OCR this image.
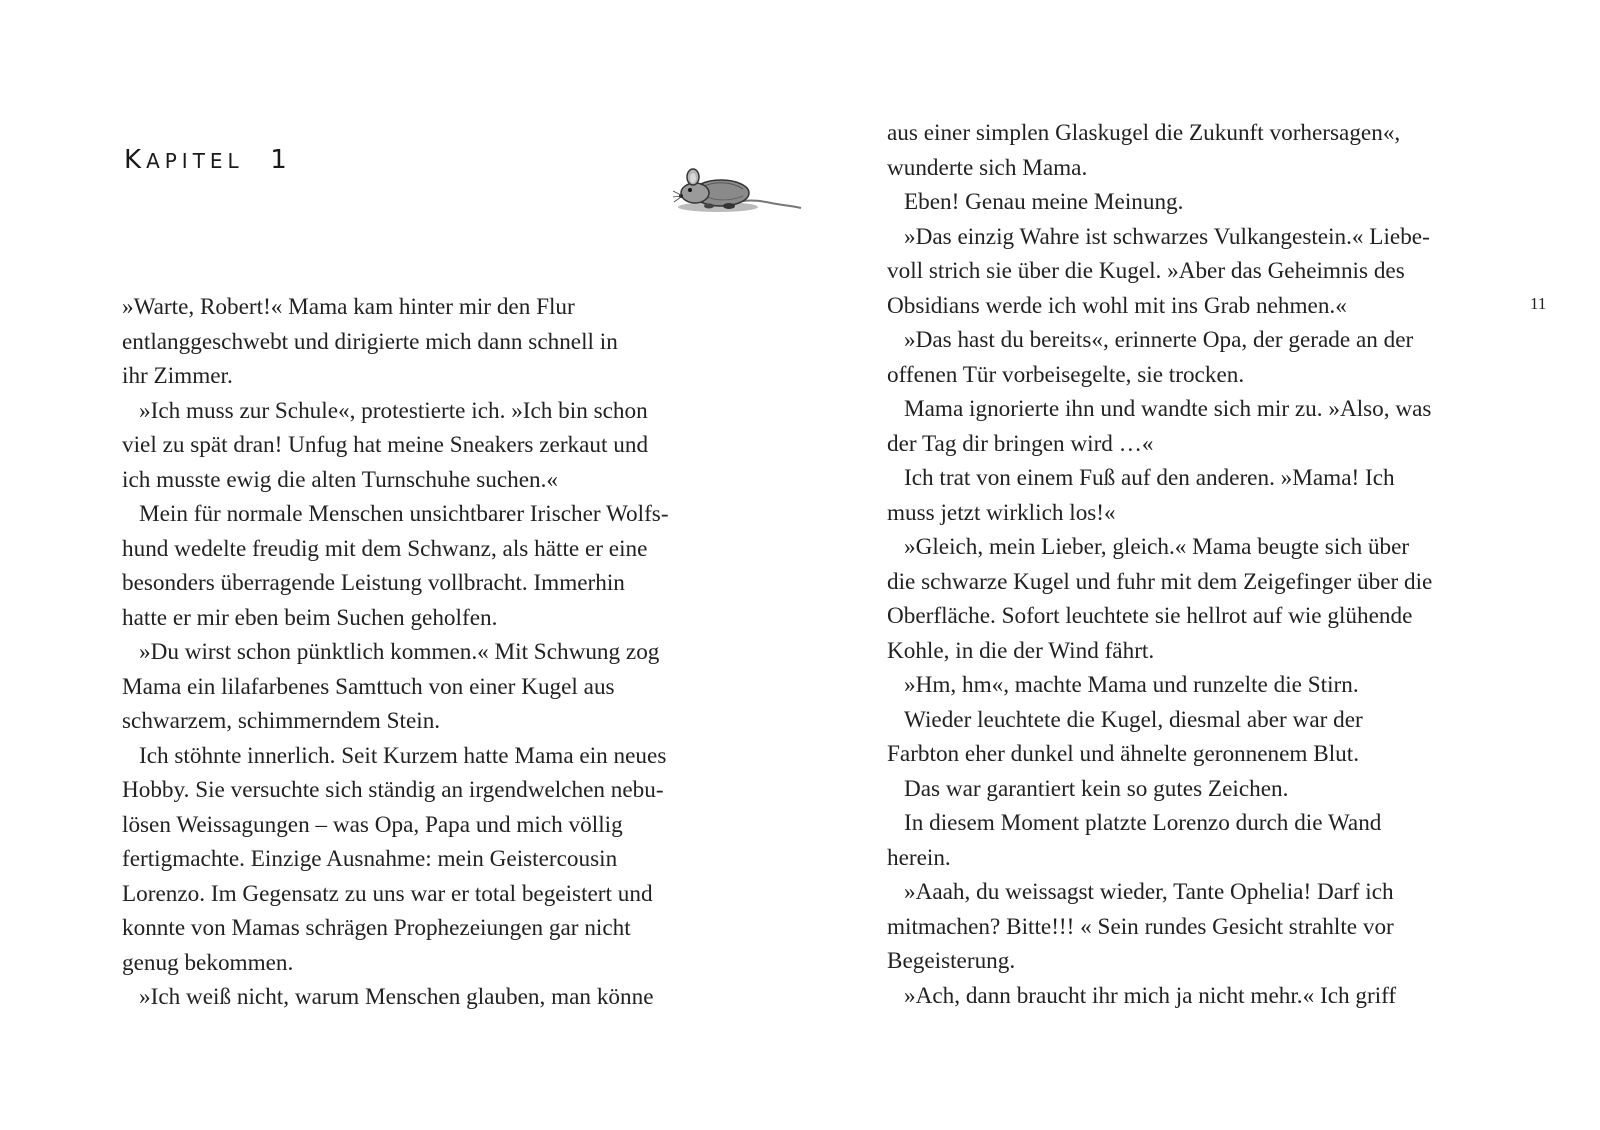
KAPITEL 1
»Warte, Robert!« Mama kam hinter mir den Flur
entlanggeschwebt und dirigierte mich dann schnell in
ihr Zimmer.
»Ich muss zur Schule«, protestierte ich. »Ich bin schon
viel zu spät dran! Unfug hat meine Sneakers zerkaut und
ich musste ewig die alten Turnschuhe suchen.«
Mein für normale Menschen unsichtbarer Irischer Wolfs-
hund wedelte freudig mit dem Schwanz, als hätte er eine
besonders überragende Leistung vollbracht. Immerhin
hatte er mir eben beim Suchen geholfen.
»Du wirst schon pünktlich kommen.« Mit Schwung zog
Mama ein lilafarbenes Samttuch von einer Kugel aus
schwarzem, schimmerndem Stein.
Ich stöhnte innerlich. Seit Kurzem hatte Mama ein neues
Hobby. Sie versuchte sich ständig an irgendwelchen nebu-
lösen Weissagungen – was Opa, Papa und mich völlig
fertigmachte. Einzige Ausnahme: mein Geistercousin
Lorenzo. Im Gegensatz zu uns war er total begeistert und
konnte von Mamas schrägen Prophezeiungen gar nicht
genug bekommen.
»Ich weiß nicht, warum Menschen glauben, man könne
aus einer simplen Glaskugel die Zukunft vorhersagen«,
wunderte sich Mama.
Eben! Genau meine Meinung.
»Das einzig Wahre ist schwarzes Vulkangestein.« Liebe-
voll strich sie über die Kugel. »Aber das Geheimnis des
Obsidians werde ich wohl mit ins Grab nehmen.«
»Das hast du bereits«, erinnerte Opa, der gerade an der
offenen Tür vorbeisegelte, sie trocken.
Mama ignorierte ihn und wandte sich mir zu. »Also, was
der Tag dir bringen wird …«
Ich trat von einem Fuß auf den anderen. »Mama! Ich
muss jetzt wirklich los!«
»Gleich, mein Lieber, gleich.« Mama beugte sich über
die schwarze Kugel und fuhr mit dem Zeigefinger über die
Oberfläche. Sofort leuchtete sie hellrot auf wie glühende
Kohle, in die der Wind fährt.
»Hm, hm«, machte Mama und runzelte die Stirn.
Wieder leuchtete die Kugel, diesmal aber war der
Farbton eher dunkel und ähnelte geronnenem Blut.
Das war garantiert kein so gutes Zeichen.
In diesem Moment platzte Lorenzo durch die Wand
herein.
»Aaah, du weissagst wieder, Tante Ophelia! Darf ich
mitmachen? Bitte!!! « Sein rundes Gesicht strahlte vor
Begeisterung.
»Ach, dann braucht ihr mich ja nicht mehr.« Ich griff
11
